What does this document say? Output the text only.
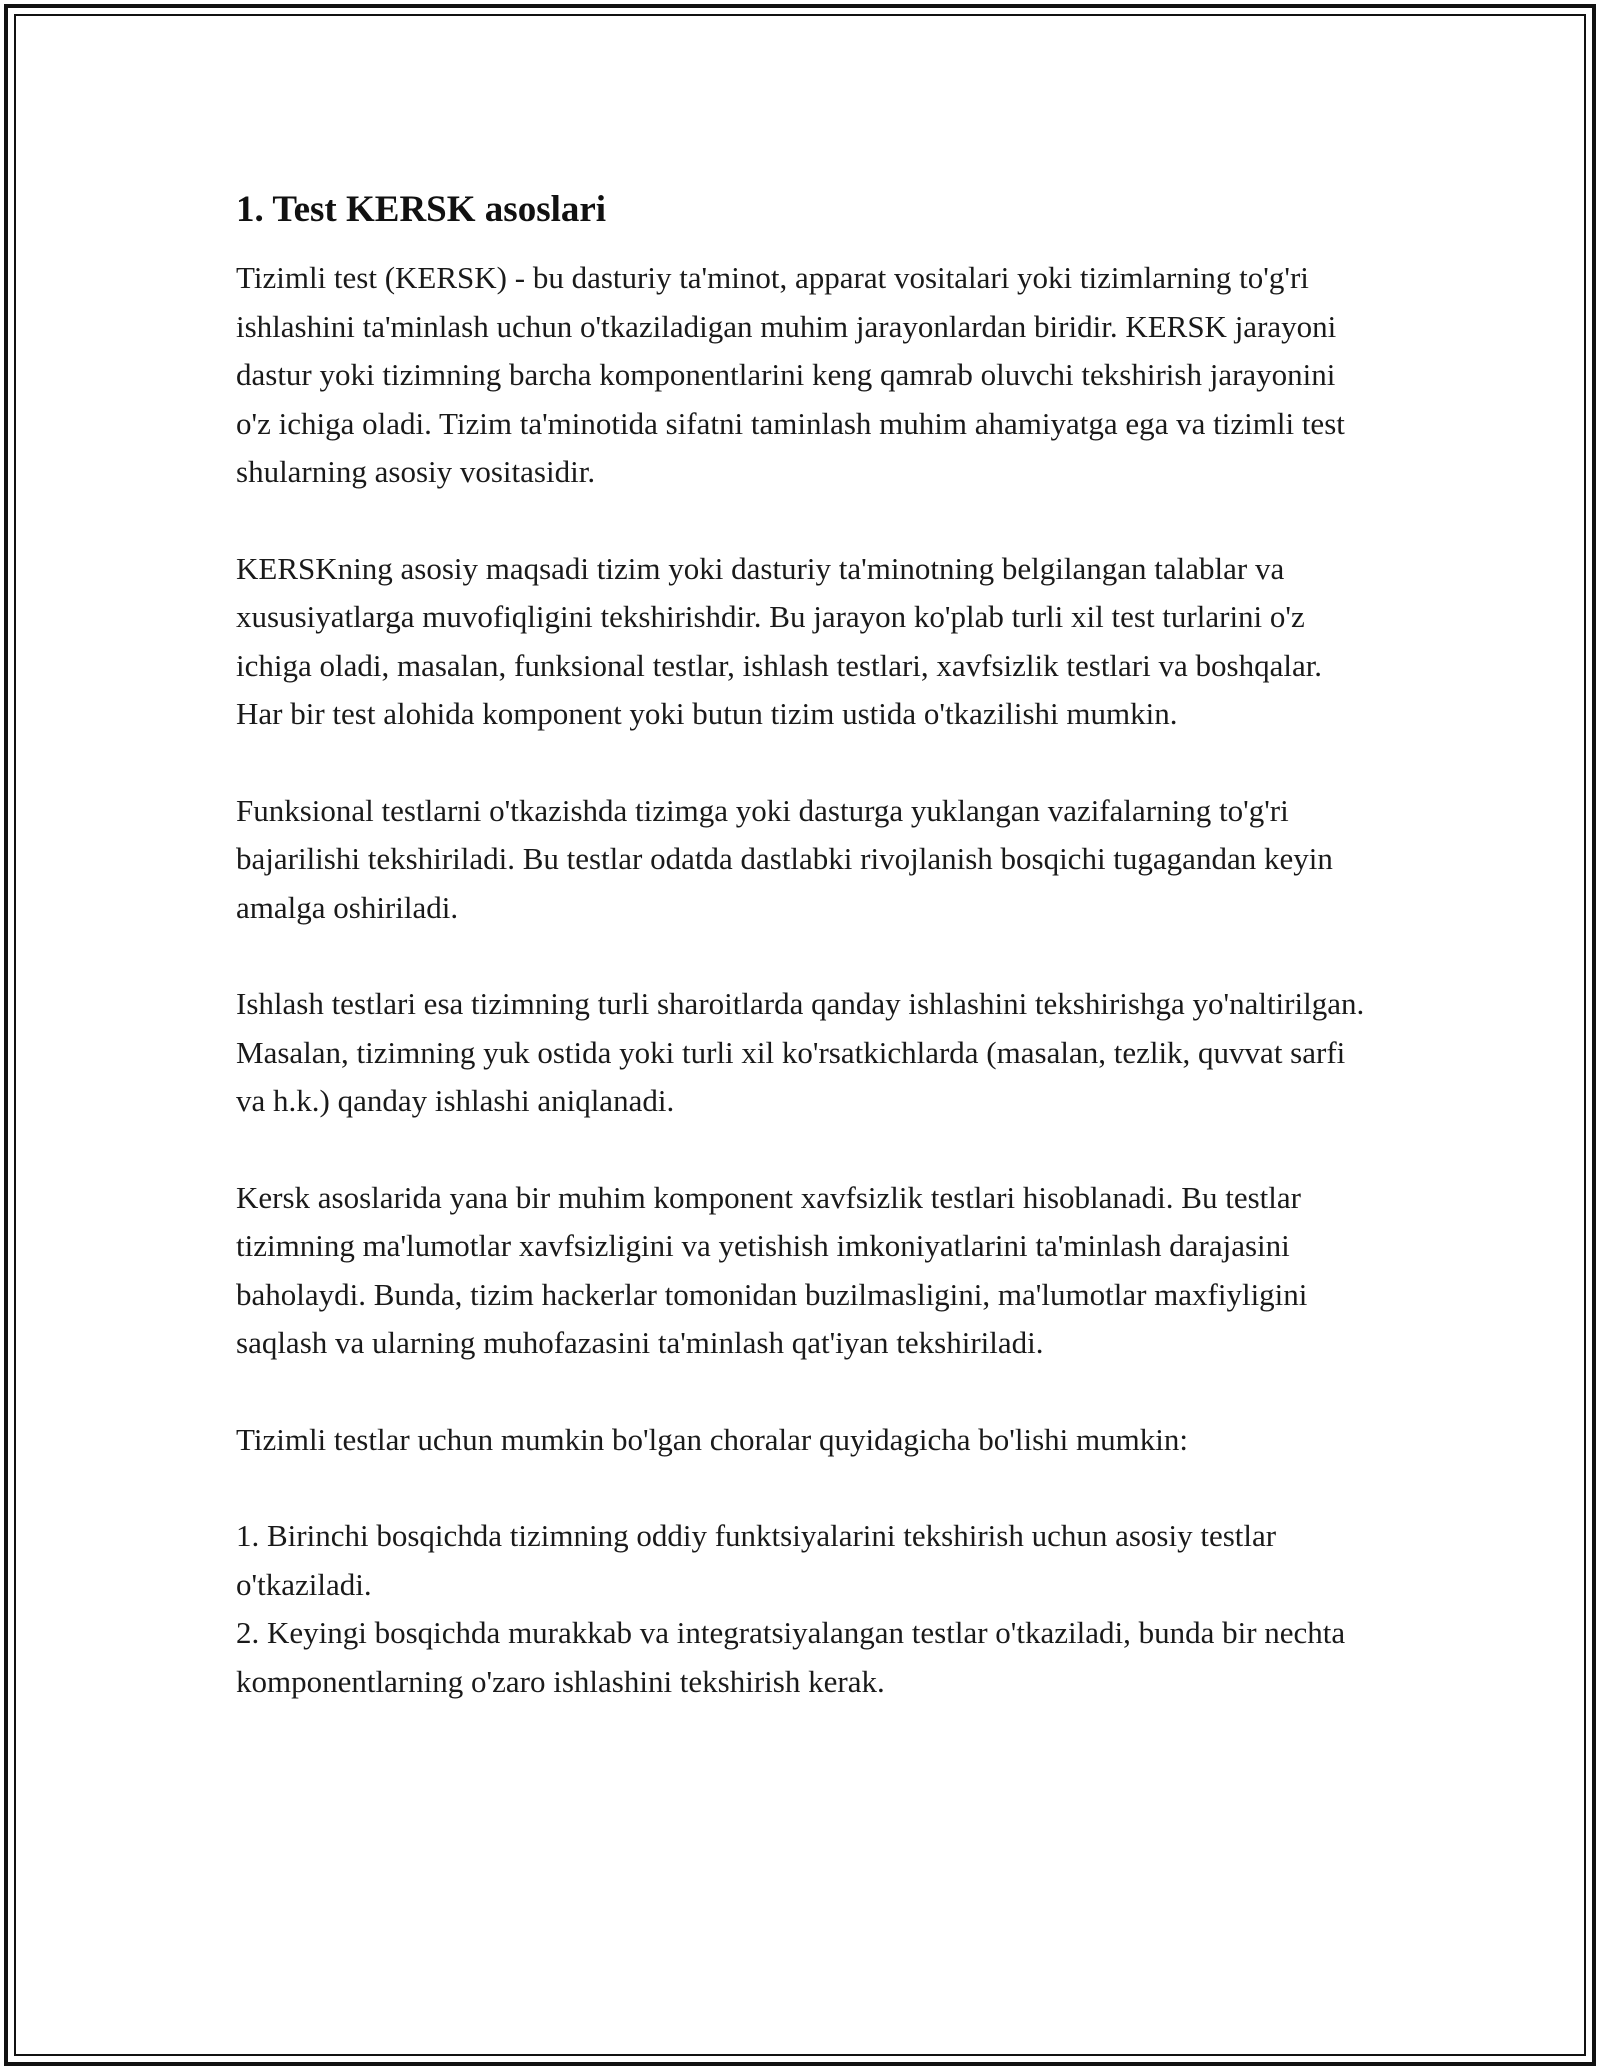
1. Test KERSK asoslari

Tizimli test (KERSK) - bu dasturiy ta'minot, apparat vositalari yoki tizimlarning to'g'ri ishlashini ta'minlash uchun o'tkaziladigan muhim jarayonlardan biridir. KERSK jarayoni dastur yoki tizimning barcha komponentlarini keng qamrab oluvchi tekshirish jarayonini o'z ichiga oladi. Tizim ta'minotida sifatni taminlash muhim ahamiyatga ega va tizimli test shularning asosiy vositasidir.

KERSKning asosiy maqsadi tizim yoki dasturiy ta'minotning belgilangan talablar va xususiyatlarga muvofiqligini tekshirishdir. Bu jarayon ko'plab turli xil test turlarini o'z ichiga oladi, masalan, funksional testlar, ishlash testlari, xavfsizlik testlari va boshqalar. Har bir test alohida komponent yoki butun tizim ustida o'tkazilishi mumkin.

Funksional testlarni o'tkazishda tizimga yoki dasturga yuklangan vazifalarning to'g'ri bajarilishi tekshiriladi. Bu testlar odatda dastlabki rivojlanish bosqichi tugagandan keyin amalga oshiriladi.

Ishlash testlari esa tizimning turli sharoitlarda qanday ishlashini tekshirishga yo'naltirilgan. Masalan, tizimning yuk ostida yoki turli xil ko'rsatkichlarda (masalan, tezlik, quvvat sarfi va h.k.) qanday ishlashi aniqlanadi.

Kersk asoslarida yana bir muhim komponent xavfsizlik testlari hisoblanadi. Bu testlar tizimning ma'lumotlar xavfsizligini va yetishish imkoniyatlarini ta'minlash darajasini baholaydi. Bunda, tizim hackerlar tomonidan buzilmasligini, ma'lumotlar maxfiyligini saqlash va ularning muhofazasini ta'minlash qat'iyan tekshiriladi.

Tizimli testlar uchun mumkin bo'lgan choralar quyidagicha bo'lishi mumkin:

1. Birinchi bosqichda tizimning oddiy funktsiyalarini tekshirish uchun asosiy testlar o'tkaziladi.
2. Keyingi bosqichda murakkab va integratsiyalangan testlar o'tkaziladi, bunda bir nechta komponentlarning o'zaro ishlashini tekshirish kerak.
